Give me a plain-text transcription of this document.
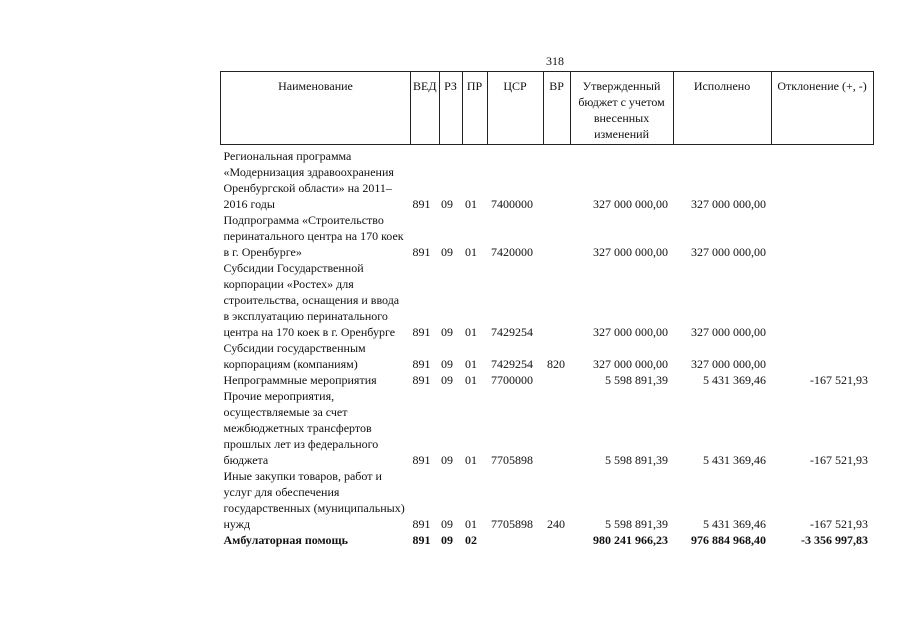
318
Наименование	ВЕД	РЗ	ПР	ЦСР	ВР	Утвержденный бюджет с учетом внесенных изменений	Исполнено	Отклонение (+, -)
Региональная программа «Модернизация здравоохранения Оренбургской области» на 2011–2016 годы	891	09	01	7400000		327 000 000,00	327 000 000,00	
Подпрограмма «Строительство перинатального центра на 170 коек в г. Оренбурге»	891	09	01	7420000		327 000 000,00	327 000 000,00	
Субсидии Государственной корпорации «Ростех» для строительства, оснащения и ввода в эксплуатацию перинатального центра на 170 коек в г. Оренбурге	891	09	01	7429254		327 000 000,00	327 000 000,00	
Субсидии государственным корпорациям (компаниям)	891	09	01	7429254	820	327 000 000,00	327 000 000,00	
Непрограммные мероприятия	891	09	01	7700000		5 598 891,39	5 431 369,46	-167 521,93
Прочие мероприятия, осуществляемые за счет межбюджетных трансфертов прошлых лет из федерального бюджета	891	09	01	7705898		5 598 891,39	5 431 369,46	-167 521,93
Иные закупки товаров, работ и услуг для обеспечения государственных (муниципальных) нужд	891	09	01	7705898	240	5 598 891,39	5 431 369,46	-167 521,93
Амбулаторная помощь	891	09	02			980 241 966,23	976 884 968,40	-3 356 997,83
